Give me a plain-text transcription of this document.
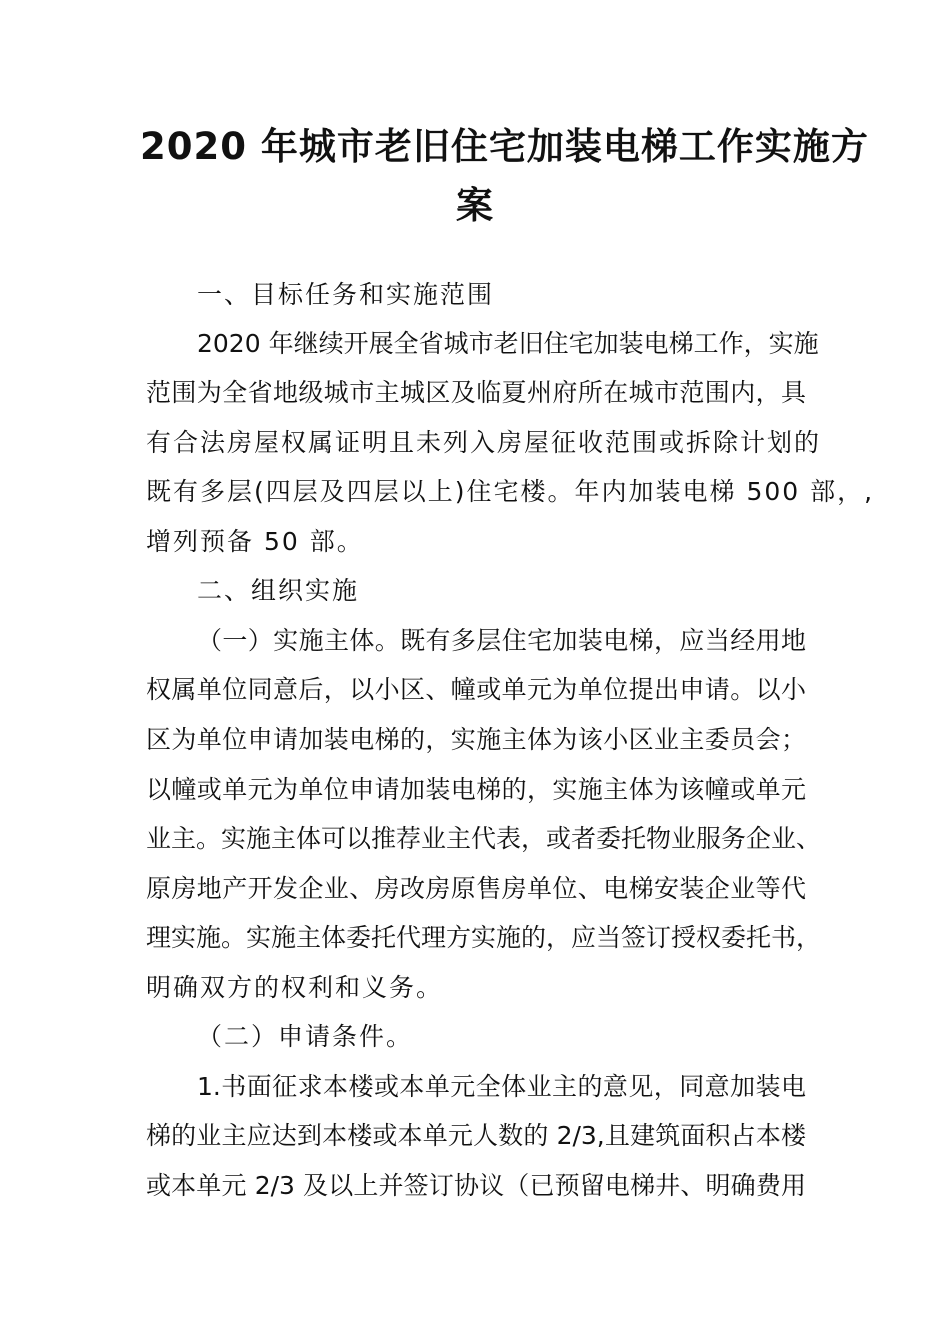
2020 年城市老旧住宅加装电梯工作实施方
案
一、目标任务和实施范围
2020 年继续开展全省城市老旧住宅加装电梯工作，实施
范围为全省地级城市主城区及临夏州府所在城市范围内，具
有合法房屋权属证明且未列入房屋征收范围或拆除计划的
既有多层(四层及四层以上)住宅楼。年内加装电梯 500 部，,
增列预备 50 部。
二、组织实施
（一）实施主体。既有多层住宅加装电梯，应当经用地
权属单位同意后，以小区、幢或单元为单位提出申请。以小
区为单位申请加装电梯的，实施主体为该小区业主委员会；
以幢或单元为单位申请加装电梯的，实施主体为该幢或单元
业主。实施主体可以推荐业主代表，或者委托物业服务企业、
原房地产开发企业、房改房原售房单位、电梯安装企业等代
理实施。实施主体委托代理方实施的，应当签订授权委托书，
明确双方的权利和义务。
（二）申请条件。
1.书面征求本楼或本单元全体业主的意见，同意加装电
梯的业主应达到本楼或本单元人数的 2/3,且建筑面积占本楼
或本单元 2/3 及以上并签订协议（已预留电梯井、明确费用
